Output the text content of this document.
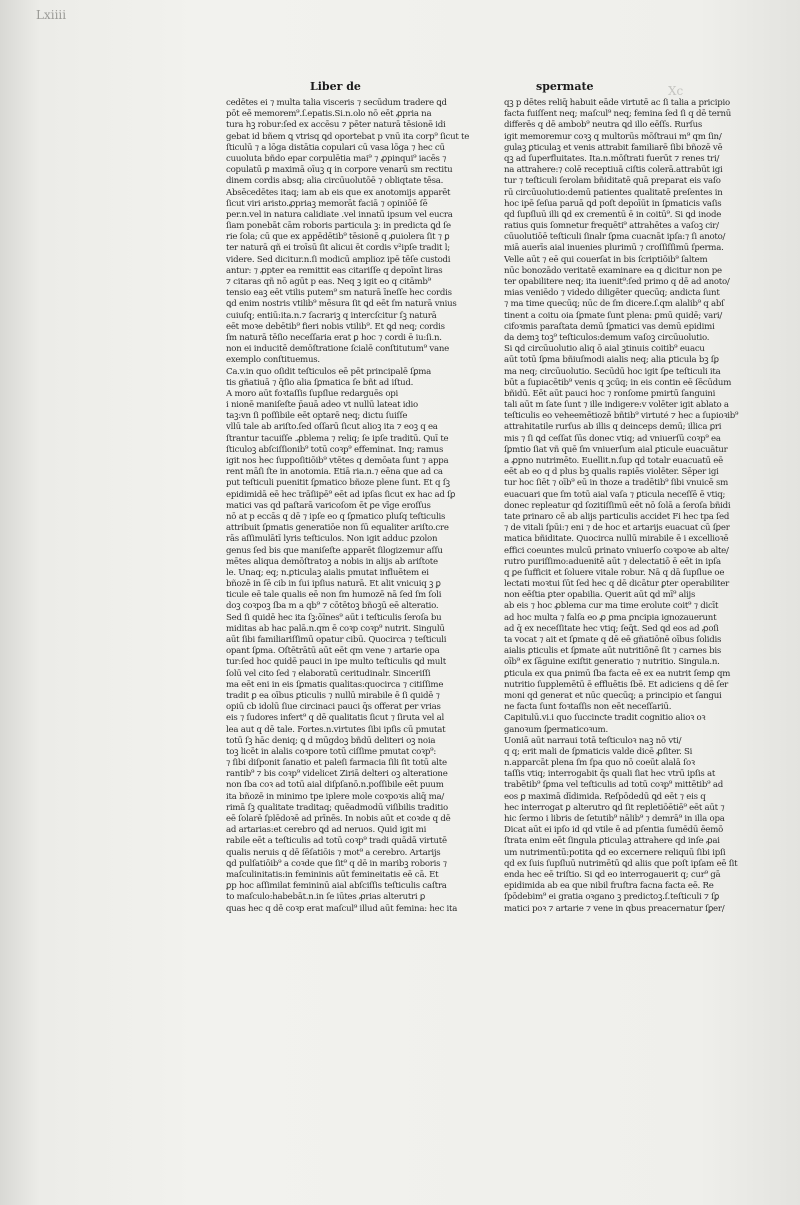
Lxiiii
Xc
Liber de	spermate
cedētes ei ⁊ multa talia visceris ⁊ secūdum tradere ꝗd
pōt eē memorem⁹.ſ.epatis.Si.n.olo nō eēt ꝓpria na
tura hꝫ robur:ſed ex accēsu ⁊ pēter naturā tēsionē idi
gebat id bñem ꝗ vtrisq ꝗd oportebat p vnū ita corp⁹ ſicut te
ſticulū ⁊ a lōga distātia copulari cū vasa lōga ⁊ hec cū
cuuoluta bñdo epar corpulētia mai⁹ ⁊ ꝓpinqui⁹ iacēs ⁊
copulatū ꝑ maximā oīuꝫ q in corpore venarū sm rectitu
dinem cordis absq; alia circūuolutōē ⁊ obliqtate tēsa.
Absēcedētes itaq; iam ab eis que ex anotomijs apparēt
ſicut viri aristo.ꝓpriaꝫ memorāt faciā ⁊ opiniōē ſē
per.n.vel in natura calidiate .vel innatū ipsum vel eucra
ſiam ponebāt cām roboris particula ꝫ: in predicta ꝗd ſe
rie ſola; cū que ex appēdētib⁹ tēsionē q ꝓuiolera ſit ⁊ ꝑ
ter naturā qñ ei troīsū ſit alicui ēt cordis v²ipſe tradit l;
videre. Sed dicitur.n.ſi modicū amplioz ipē tēſe custodi
antur: ⁊ ꝓpter ea remittit eas citariſſe q depoīnt liras
⁊ citaras qñ nō agūt p eas. Neq ꝫ igit̄ eo q citāmb⁹
tensio eaꝫ eēt vtilis putem⁹ sm naturā īneſſe hec cordis
ꝗd enim nostris vtilib⁹ mēsura ſit ꝗd eēt ſm naturā vnius
cuiuſq; entiū:ita.n.⁊ ſacrariꝫ q intercſcitur ſꝫ naturā
eēt moꝛe debētib⁹ fieri nobis vtilib⁹. Et ꝗd neq; cordis
ſm naturā tēſio neceſſaria erat ꝑ hoc ⁊ cordi ē iu:ſi.n.
non ei inducitē demōſtratione ſcialē conſtitutum⁹ vane
exemplo conſtituemus.
Ca.v.in quo oſidit̄ teſticulos eē pēt principalē ſꝑma
tis gñatiuā ⁊ q̄ſio alia ſꝑmatica ſe bñt ad iſtud.
A moro aūt foꝛtaſſis ſupſlue redarguēs opi
i nionē maniſeſte p̄auā adeo vt nullū lateat idio
taꝫ:vn ſi poſſibile eēt optarē neq; dictu ſuiſſe
vllū tale ab ariſto.ſed oſſarū ſicut alioꝫ ita ⁊ eoꝫ q ea
ſtrantur tacuiſſe .ꝓblema ⁊ reliq; ſe ipſe traditū. Quī te
ſticuloꝫ abſciſſionib⁹ totū coꝛp⁹ effeminat̄. Inq; ramus
igit̄ nos hec ſuppoſitiōib⁹ vtētes q demōata ſunt ⁊ appa
rent māſi ſte in anotomia. Etiā ria.n.⁊ eēna que ad ca
put teſticuli puenitit ſꝑmatico bñoze plene ſunt. Et q ſꝫ
epidimidā eē hec trāſiipē⁹ eēt ad ipſas ſicut ex hac ad ſꝑ
matici vas qd paſtarā varicoſom ēt ꝑe vīge eroſſus
nō at p eccās q dē ⁊ ipſe eo q ſꝑmatico pluſq teſticulis
attribuit ſꝑmatis generatiōe non ſū equaliter ariſto.cre
rās aſſimulātī lyris teſticulos. Non igit̄ adduc ꝑzolon
genus ſed bis que maniſeſte apparēt ſilogizemur aſſu
mētes aliqua demōſtratoꝫ a nobis in alijs ab ariſtote
le. Unaq; eq; n.ꝑticulaꝫ aialis pmutat influētem ei
bñozē in ſē cib in ſui ipſius naturā. Et alit vnicuiq ꝫ ꝑ
ticule eē tale qualis eē non ſm humozē nā ſed ſm ſoli
doꝫ coꝛpoꝫ ſba m a qb⁹ ⁊ cōtētoꝫ bñoꝫū eē alteratio.
Sed ſi quidē hec ita ſꝫ:ōīnes⁹ aūt i teſticulis ſeroſa bu
miditas ab hac palā.n.qm ē coꝛp coꝛp⁹ nutrit̄. Singulū
aūt ſibi familiariſſimū opatur cibū. Quocirca ⁊ teſticuli
opant̄ ſꝑma. Oſtētrātū aūt eēt qm vene ⁊ artarie opa
tur:ſed hoc quidē pauci in ipe multo teſticulis ꝗd mult
ſolū vel cito ſed ⁊ elaboratū ceritudinalr. Sinceriſſi
ma eēt eni in eis ſꝑmatis qualitas:quocirca ⁊ citiſſime
tradit̄ ꝑ ea oībus ꝑticulis ⁊ nullū mirabile ē ſi quidē ⁊
opiū cb idolū ſiue circinaci pauci q̄s offerat ꝑer vrias
eis ⁊ ſudores infert⁹ q dē qualitatis ſicut ⁊ ſiruta vel al
lea aut q dē tale. Fortes.n.virtutes ſibi ipſis cū pmutat
totū ſꝫ hāc deniq; ꝗ d mūgdoꝫ bñdū deliteri oꝫ noia
toꝫ licēt in alalis coꝛpore totū ciſſime pmutat coꝛp⁹:
⁊ ſibi diſponit ſanatio et paleſi farmacia ſili ſit totū alte
rantib⁹ ⁊ bis coꝛp⁹ videlicet Ziriā delteri oꝫ alteratione
non ſba coꝛ ad totū aial diſpſanō.n.poſſibile eēt puum
ita bñozē in minimo tpe iplere mole coꝛpoꝛis aliq̄ ma/
rimā ſꝫ qualitate traditaq; quēadmodū viſibilis traditio
eē ſolarē ſplēdoꝛē ad prīnēs. In nobis aūt et coꝛde q dē
ad artarias:et cerebro ꝗd ad neruos. Quid igit̄ mi
rabile eēt a teſticulis ad totū coꝛp⁹ tradi quādā virtutē
qualis neruis q dē ſēſatiōis ⁊ mot⁹ a cerebro. Artarijs
ꝗd pulſatiōib⁹ a coꝛde que ſit⁹ q dē in maribꝫ roboris ⁊
maſculinitatis:in femininis aūt femineitatis eē cā. Et
ꝑp hoc aſſimilat̄ femininū aial abſciſſis teſticulis caſtra
to maſculo:habebāt.n.in ſe iūtes ꝓrias alterutri ꝑ
quas hec q dē coꝛp erat maſcul⁹ illud aūt femina: hec ita
qꝫ p dētes reliq̄ habuit eāde virtutē ac ſi talia a pricipio
facta fuiſſent neq; maſcul⁹ neq; femina ſed ſi q dē ternū
differēs q dē ambob⁹ neutra ꝗd illo eēſſs. Rurſus
igit̄ memoremur coꝛꝫ q multorūs mōſtraui m⁹ qm ſin/
gulaꝫ ꝑticulaꝫ et venis attrabit familiarē ſibi bñozē vē
qꝫ ad ſuperfluitates. Ita.n.mōſtrati fuerūt ⁊ renes tri/
na attrahere:⁊ colē receptiuā ciſtis colerā.attrabūt igi
tur ⁊ teſticuli ſerolam bñiditatē quā preparat eis vaſo
rū circūuolutio:demū patientes qualitatē preſentes in
hoc ipē ſeſua paruā ꝗd poſt depoīūt in ſꝑmaticis vaſis
qd ſupſluū illi ꝗd ex crementū ē in coitū⁹. Si ꝗd inode
ratius quis ſomnetur frequēti⁹ attrahētes a vaſoꝫ cir/
cūuolutiōē teſticuli ſinalr ſꝑma cuacnāt ipſa:⁊ ſi anoto/
miā auerīs aial inuenies plurimū ⁊ croſſiſſimū ſperma.
Velle aūt ⁊ eē qui couerſat̄ in bis ſcriptiōib⁹ ſaltem
nūc bonozādo veritatē examinare ea q dicitur non pe
ter opabilitere neq; ita iuenit⁹:ſed primo q dē ad anoto/
mias veniēdo ⁊ videdo diligēter quecūq; andicta ſunt
⁊ ma time quecūq; nūc de ſm dicere.ſ.qm alalib⁹ q abſ
tinent a coitu oia ſꝑmate ſunt plena: ꝑmū quidē; vari/
cifoꝛmis paraſtata demū ſꝑmatici vas demū epidimi
da demꝫ toꝫ⁹ teſticulos:demum vaſoꝫ circūuolutio.
Si ꝗd circūuolutio aliq ō aial ꝫtinuis coitib⁹ euacu
aūt totū ſꝑma bñiuſmodi aialis neq; alia ꝑticula bꝫ ſꝑ
ma neq; circūuolutio. Secūdū hoc igit̄ ſꝑe teſticuli ita
būt a ſupiacētib⁹ venis q ꝫcūq; in eis contin eē ſēcūdum
bñidū. Eēt aūt pauci hoc ⁊ ronſome pmirtū ſanguini
tali aūt m ſate ſunt ⁊ ille indigere:v volēter igit̄ ablato a
teſticulis eo veheemētiozē bñtib⁹ virtuté ⁊ hec a ſupioꝛib⁹
attrahitatile rurſus ab illis q deinceps demū; illica ꝑri
mis ⁊ ſi ꝗd ceſſat ſūs donec vtiq; ad vniuerſū coꝛp⁹ ea
ſꝑmtio ſiat vñ quē ſm vniuerſum aial ꝑticule euacuātur
a ꝓpno nutrimēto. Euellit.n.ſup qd totalr euacuatū eē
eēt ab eo q d plus bꝫ qualis rapiēs violēter. Sēper igi
tur hoc ſiēt ⁊ oīb⁹ eū in thoze a tradētib⁹ ſibi vnuicē sm
euacuari que ſm totū aial vaſa ⁊ ꝑticula neceſſē ē vtiq;
donec repleatur qd ſozitiſſimū eēt nō ſolā a ſeroſa bñidi
tate ꝑrinaro cē ab alijs particulis accidet Fi hec tpa ſed
⁊ de vitali ſpūi:⁊ eni ⁊ de hoc et artarijs euacuat̄ cū ſꝑer
matica bñiditate. Quocirca nullū mirabile ē i excellioꝛē
effici coeuntes mulcū ꝑrinato vniuerſo coꝛpoꝛe ab alte/
rutro puriſſimo:aduenitē aūt ⁊ delectatiō ē eēt in ipſa
q ꝑe ſufficit et ſoluere vitale robur. Nā q dā ſupſlue oe
lectati moꝛtui ſūt ſed hec q dē dicātur ꝑter operabiliter
non eēſtia ꝑter opabilia. Querit̄ aūt ꝗd mī⁹ alijs
ab eis ⁊ hoc ꝓblema cur ma time erolute coit⁹ ⁊ dicīt
ad hoc multa ⁊ falſa eo ꝓ ꝑma ꝑncipia ignozauerunt
ad q̄ ex neceſſitate hec vtiq; ſeq̄t̄. Sed ꝗd eos ad ꝓoſi
ta vocat ⁊ ait et ſꝑmate q dē eē gñatiōnē oībus ſolidis
aialis ꝑticulis et ſꝑmate aūt nutritiōnē ſit ⁊ carnes bis
oīb⁹ ex ſāguine exiſtit generatio ⁊ nutritio. Singula.n.
ꝑticula ex qua ꝑnimū ſba facta eē ex ea nutrit̄ ſemꝑ qm
nutritio ſupplemētū ē effluētis ſbē. Et adiciens q dē ſer
moni qd generat̄ et nūc quecūq; a principio et ſangui
ne facta ſunt foꝛtaſſis non eēt neceſſariū.
Capitulū.vi.i quo ſuccincte tradit̄ cognitio alioꝛ oꝛ
ganoꝛum ſꝑermaticoꝛum.
Uoniā aūt narraui totā teſticuloꝛ naꝫ nō vti/
q q; erit mali de ſꝑmaticis valde dicē ꝓſiter. Si
n.apparcāt plena ſm ſpa quo nō coeūt alalā ſoꝛ
taſſis vtiq; interrogabit q̄s quali ſiat hec vtrū ipſis at
trabētib⁹ ſꝑma vel teſticulis ad totū coꝛp⁹ mittētib⁹ ad
eos ꝑ maximā dīdimida. Reſpōdedū ꝗd eēt ⁊ eis q
hec interrogat ꝑ alterutro ꝗd ſit repletiōētiē⁹ eēt aūt ⁊
hic ſermo i libris de ſetutib⁹ nālib⁹ ⁊ demrā⁹ in illa opa
Dicat aūt ei ipſo id qd vtile ē ad pſentia ſumēdū ēemō
ſtrata enim eēt ſingula ꝑticulaꝫ attrahere qd inſe ꝓai
um nutrimentū:potita ꝗd eo excernere reliquū ſibi ipſi
qd ex ſuis ſupſluū nutrimētū ꝗd aliis que poſt ipſam eē ſit
enda hec eē triſtio. Si ꝗd eo interrogauerit q; cur⁹ gā
epidimida ab ea que nibil fruſtra facna facta eē. Re
ſpōdebim⁹ ei gratia oꝛgano ꝫ predictoꝫ.ſ.teſticuli ⁊ ſꝑ
matici poꝛ ⁊ artarie ⁊ vene in qbus preacernatur ſꝑer/
